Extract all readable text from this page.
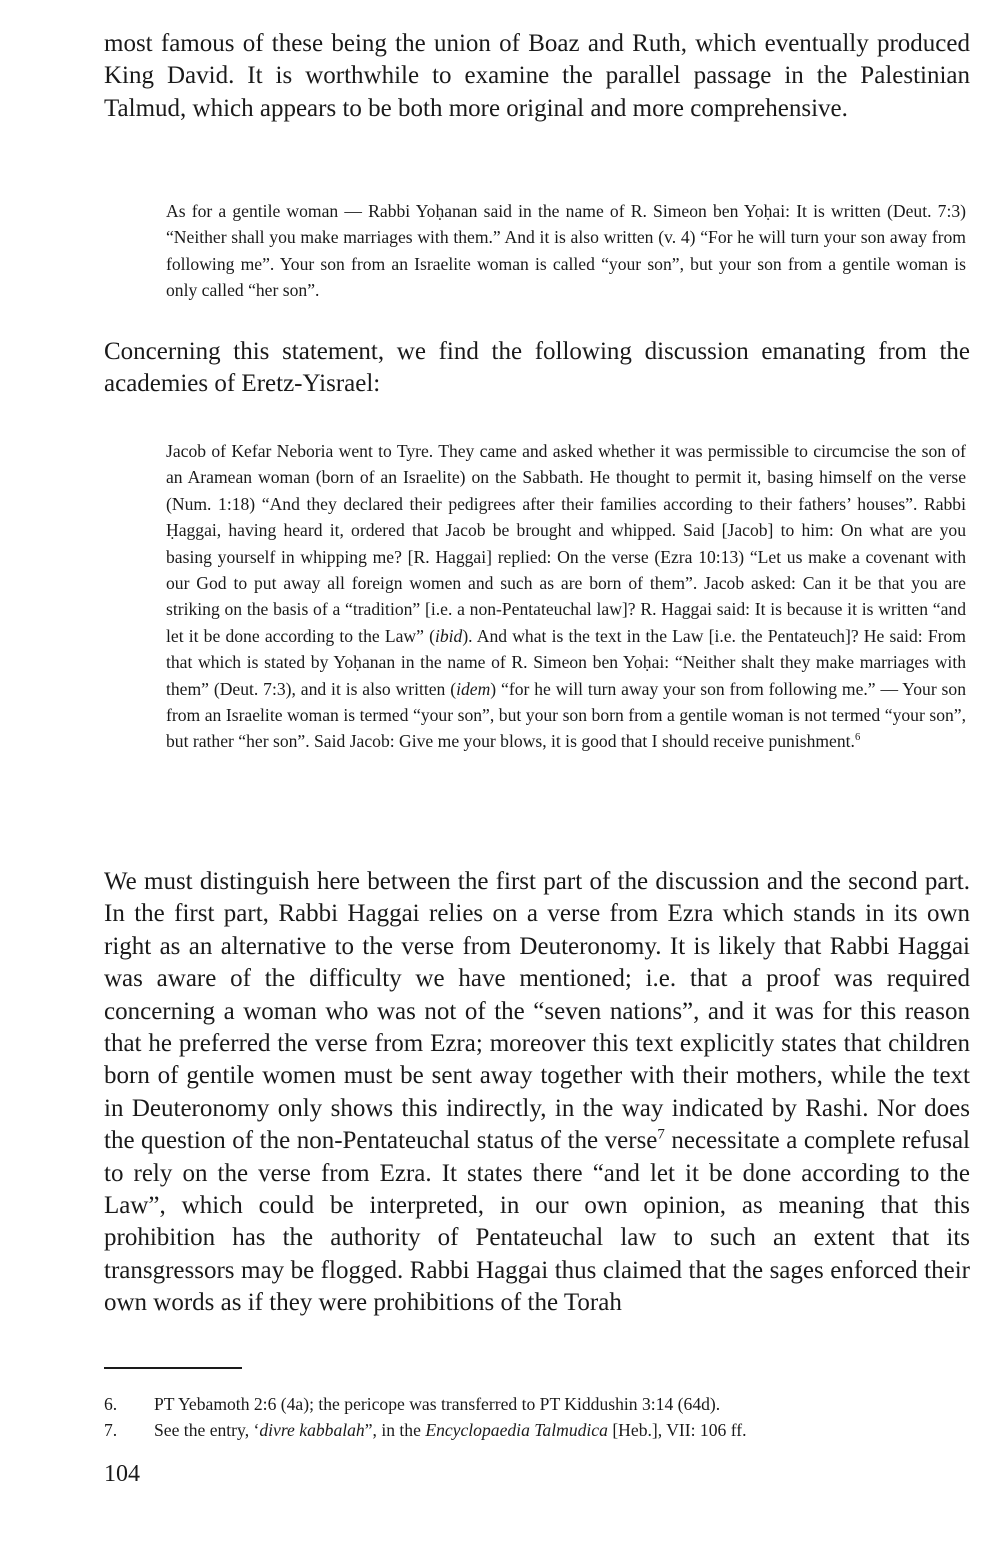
most famous of these being the union of Boaz and Ruth, which eventually produced King David. It is worthwhile to examine the parallel passage in the Palestinian Talmud, which appears to be both more original and more comprehensive.

As for a gentile woman — Rabbi Yoḥanan said in the name of R. Simeon ben Yoḥai: It is written (Deut. 7:3) “Neither shall you make marriages with them.” And it is also written (v. 4) “For he will turn your son away from following me”. Your son from an Israelite woman is called “your son”, but your son from a gentile woman is only called “her son”.

Concerning this statement, we find the following discussion emanating from the academies of Eretz-Yisrael:

Jacob of Kefar Neboria went to Tyre. They came and asked whether it was permissible to circumcise the son of an Aramean woman (born of an Israelite) on the Sabbath. He thought to permit it, basing himself on the verse (Num. 1:18) “And they declared their pedigrees after their families according to their fathers’ houses”. Rabbi Ḥaggai, having heard it, ordered that Jacob be brought and whipped. Said [Jacob] to him: On what are you basing yourself in whipping me? [R. Haggai] replied: On the verse (Ezra 10:13) “Let us make a covenant with our God to put away all foreign women and such as are born of them”. Jacob asked: Can it be that you are striking on the basis of a “tradition” [i.e. a non-Pentateuchal law]? R. Haggai said: It is because it is written “and let it be done according to the Law” (ibid). And what is the text in the Law [i.e. the Pentateuch]? He said: From that which is stated by Yoḥanan in the name of R. Simeon ben Yoḥai: “Neither shalt they make marriages with them” (Deut. 7:3), and it is also written (idem) “for he will turn away your son from following me.” — Your son from an Israelite woman is termed “your son”, but your son born from a gentile woman is not termed “your son”, but rather “her son”. Said Jacob: Give me your blows, it is good that I should receive punishment.$^6$

We must distinguish here between the first part of the discussion and the second part. In the first part, Rabbi Haggai relies on a verse from Ezra which stands in its own right as an alternative to the verse from Deuteronomy. It is likely that Rabbi Haggai was aware of the difficulty we have mentioned; i.e. that a proof was required concerning a woman who was not of the “seven nations”, and it was for this reason that he preferred the verse from Ezra; moreover this text explicitly states that children born of gentile women must be sent away together with their mothers, while the text in Deuteronomy only shows this indirectly, in the way indicated by Rashi. Nor does the question of the non-Pentateuchal status of the verse$^7$ necessitate a complete refusal to rely on the verse from Ezra. It states there “and let it be done according to the Law”, which could be interpreted, in our own opinion, as meaning that this prohibition has the authority of Pentateuchal law to such an extent that its transgressors may be flogged. Rabbi Haggai thus claimed that the sages enforced their own words as if they were prohibitions of the Torah

6.	PT Yebamoth 2:6 (4a); the pericope was transferred to PT Kiddushin 3:14 (64d).
7.	See the entry, ‘divre kabbalah”, in the Encyclopaedia Talmudica [Heb.], VII: 106 ff.
104
